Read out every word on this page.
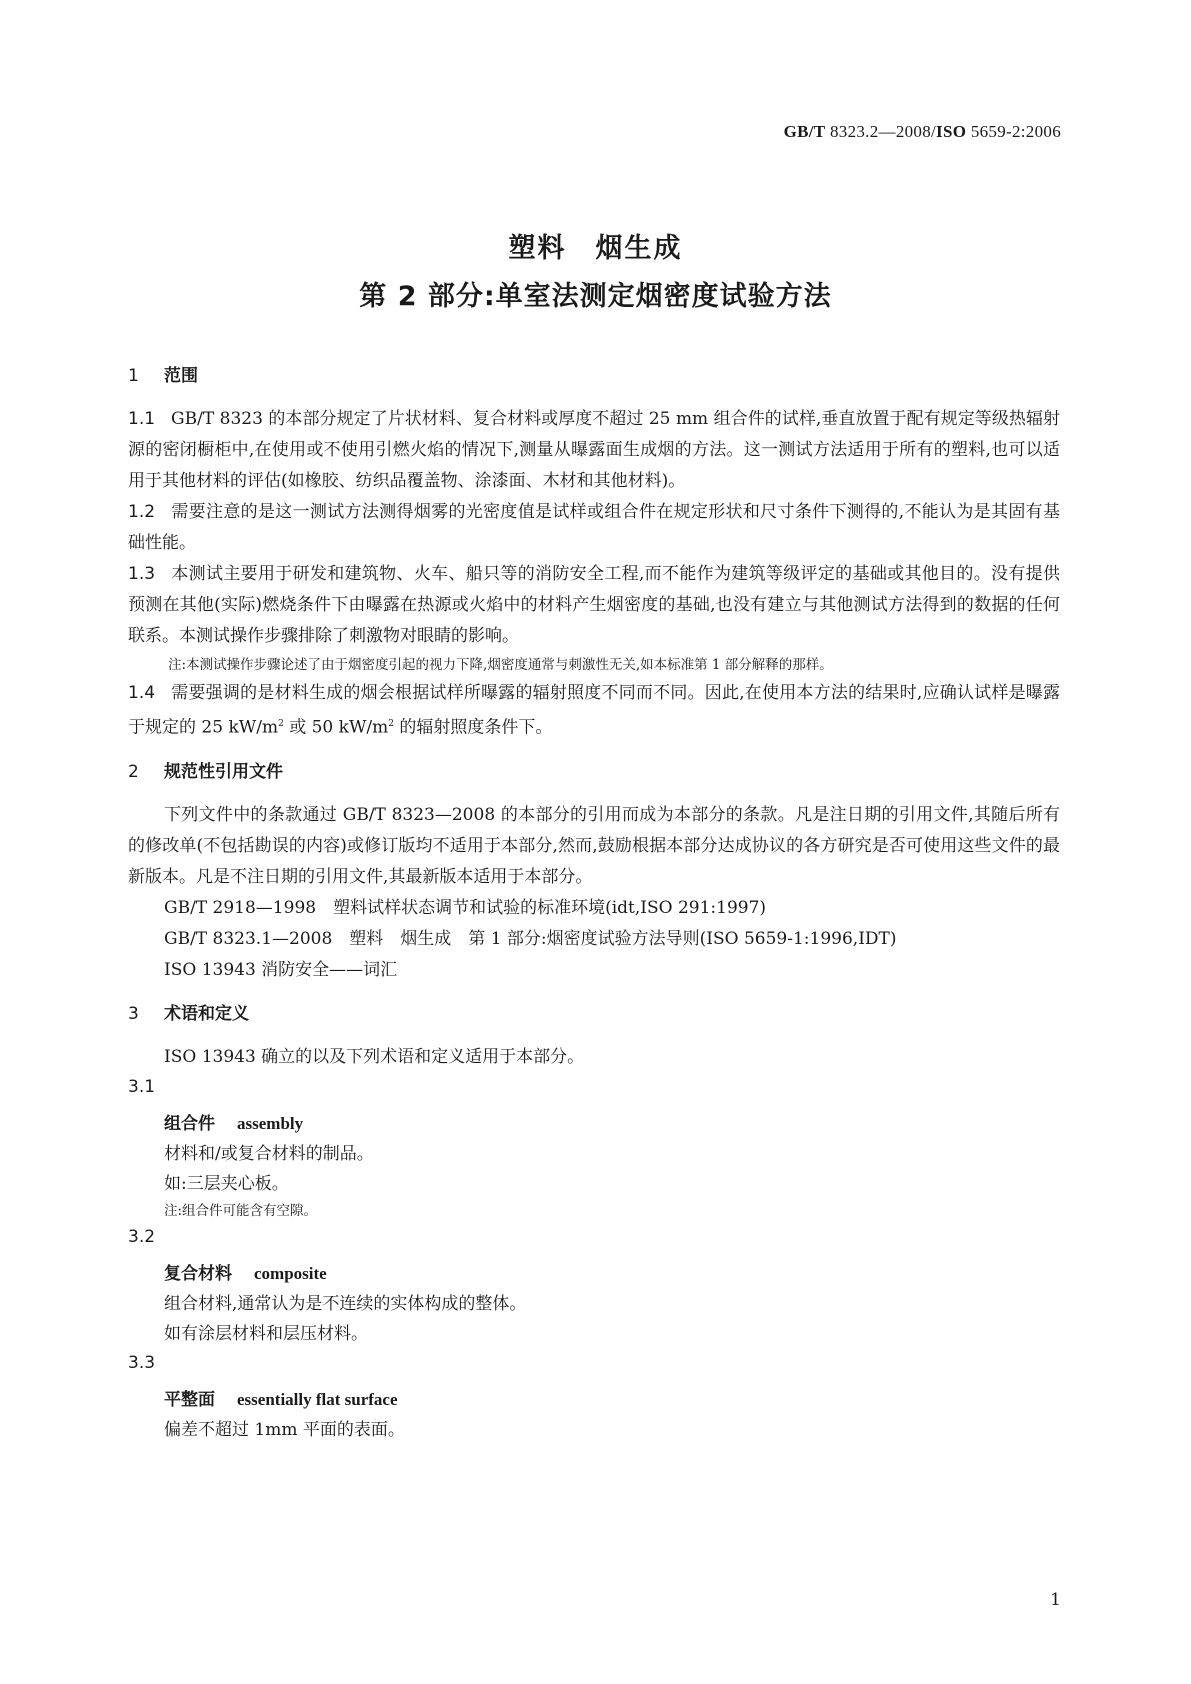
GB/T 8323.2—2008/ISO 5659-2:2006
塑料　烟生成
第 2 部分:单室法测定烟密度试验方法

1 范围

1.1 GB/T 8323 的本部分规定了片状材料、复合材料或厚度不超过 25 mm 组合件的试样,垂直放置于配有规定等级热辐射源的密闭橱柜中,在使用或不使用引燃火焰的情况下,测量从曝露面生成烟的方法。这一测试方法适用于所有的塑料,也可以适用于其他材料的评估(如橡胶、纺织品覆盖物、涂漆面、木材和其他材料)。

1.2 需要注意的是这一测试方法测得烟雾的光密度值是试样或组合件在规定形状和尺寸条件下测得的,不能认为是其固有基础性能。

1.3 本测试主要用于研发和建筑物、火车、船只等的消防安全工程,而不能作为建筑等级评定的基础或其他目的。没有提供预测在其他(实际)燃烧条件下由曝露在热源或火焰中的材料产生烟密度的基础,也没有建立与其他测试方法得到的数据的任何联系。本测试操作步骤排除了刺激物对眼睛的影响。

注:本测试操作步骤论述了由于烟密度引起的视力下降,烟密度通常与刺激性无关,如本标准第 1 部分解释的那样。

1.4 需要强调的是材料生成的烟会根据试样所曝露的辐射照度不同而不同。因此,在使用本方法的结果时,应确认试样是曝露于规定的 25 $kW/m^2$ 或 50 $kW/m^2$ 的辐射照度条件下。

2 规范性引用文件

下列文件中的条款通过 GB/T 8323—2008 的本部分的引用而成为本部分的条款。凡是注日期的引用文件,其随后所有的修改单(不包括勘误的内容)或修订版均不适用于本部分,然而,鼓励根据本部分达成协议的各方研究是否可使用这些文件的最新版本。凡是不注日期的引用文件,其最新版本适用于本部分。

GB/T 2918—1998　塑料试样状态调节和试验的标准环境(idt,ISO 291:1997)

GB/T 8323.1—2008　塑料　烟生成　第 1 部分:烟密度试验方法导则(ISO 5659-1:1996,IDT)

ISO 13943 消防安全——词汇

3 术语和定义

ISO 13943 确立的以及下列术语和定义适用于本部分。

3.1

组合件 assembly

材料和/或复合材料的制品。

如:三层夹心板。

注:组合件可能含有空隙。

3.2

复合材料 composite

组合材料,通常认为是不连续的实体构成的整体。

如有涂层材料和层压材料。

3.3

平整面 essentially flat surface

偏差不超过 1mm 平面的表面。

1
